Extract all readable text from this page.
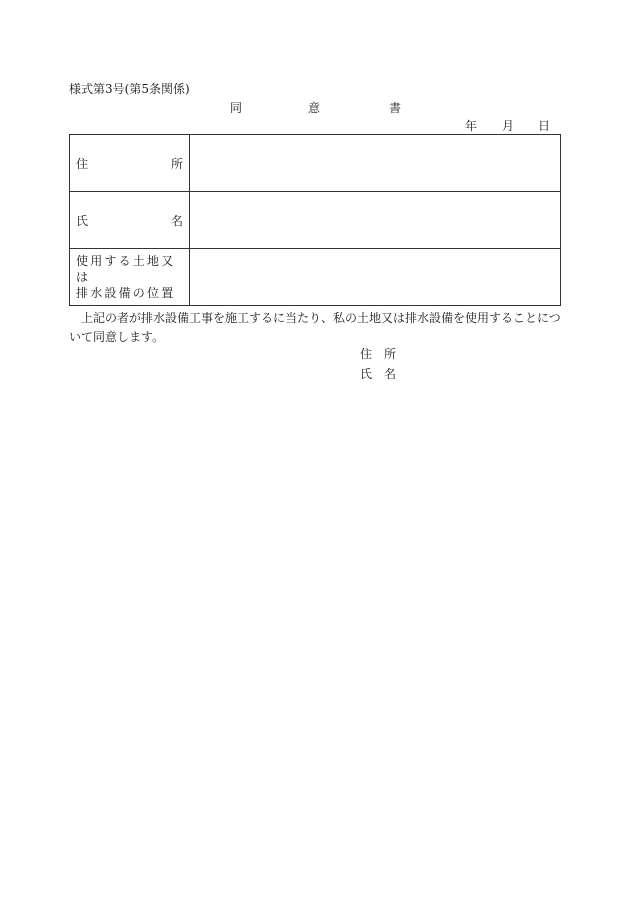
様式第3号(第5条関係)
同	意	書
年 月 日
住 所	

氏 名	

使用する土地又は
排水設備の位置	

上記の者が排水設備工事を施工するに当たり、私の土地又は排水設備を使用することについて同意します。
住 所
氏 名
